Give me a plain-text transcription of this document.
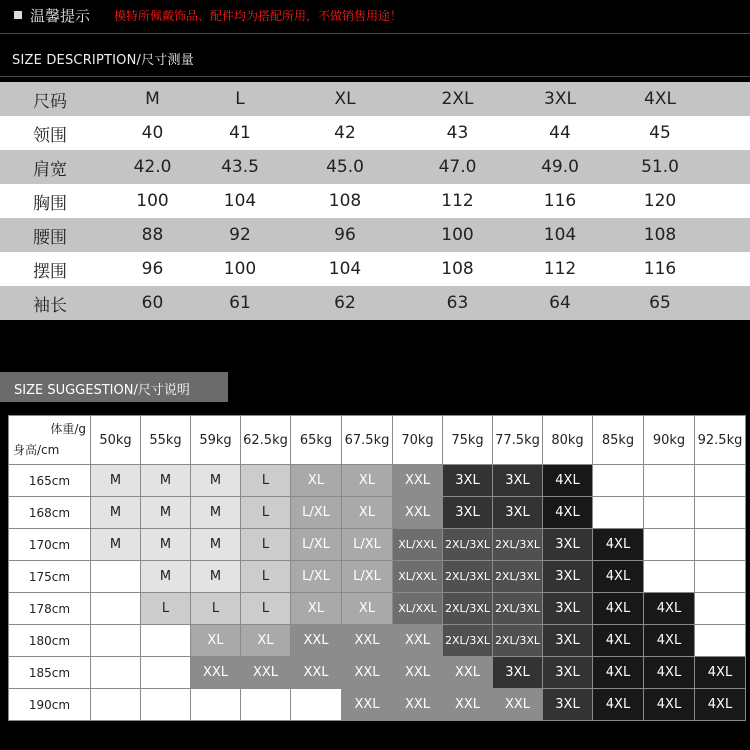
温馨提示 模特所佩戴饰品、配件均为搭配所用，不做销售用途！
SIZE DESCRIPTION/尺寸测量
尺码	M	L	XL	2XL	3XL	4XL	
领围	40	41	42	43	44	45	
肩宽	42.0	43.5	45.0	47.0	49.0	51.0	
胸围	100	104	108	112	116	120	
腰围	88	92	96	100	104	108	
摆围	96	100	104	108	112	116	
袖长	60	61	62	63	64	65	
SIZE SUGGESTION/尺寸说明
体重/g
身高/cm	50kg	55kg	59kg	62.5kg	65kg	67.5kg	70kg	75kg	77.5kg	80kg	85kg	90kg	92.5kg
165cm	M	M	M	L	XL	XL	XXL	3XL	3XL	4XL			
168cm	M	M	M	L	L/XL	XL	XXL	3XL	3XL	4XL			
170cm	M	M	M	L	L/XL	L/XL	XL/XXL	2XL/3XL	2XL/3XL	3XL	4XL		
175cm		M	M	L	L/XL	L/XL	XL/XXL	2XL/3XL	2XL/3XL	3XL	4XL		
178cm		L	L	L	XL	XL	XL/XXL	2XL/3XL	2XL/3XL	3XL	4XL	4XL	
180cm			XL	XL	XXL	XXL	XXL	2XL/3XL	2XL/3XL	3XL	4XL	4XL	
185cm			XXL	XXL	XXL	XXL	XXL	XXL	3XL	3XL	4XL	4XL	4XL
190cm						XXL	XXL	XXL	XXL	3XL	4XL	4XL	4XL
